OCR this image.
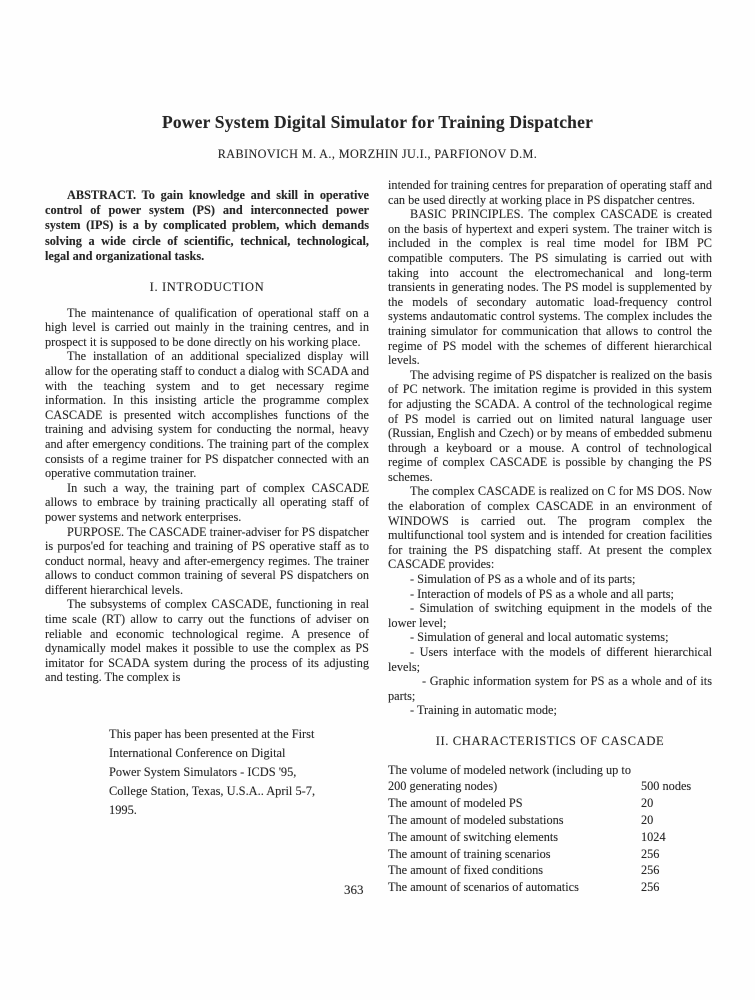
Power System Digital Simulator for Training Dispatcher
RABINOVICH M. A., MORZHIN JU.I., PARFIONOV D.M.

ABSTRACT. To gain knowledge and skill in operative control of power system (PS) and interconnected power system (IPS) is a by complicated problem, which demands solving a wide circle of scientific, technical, technological, legal and organizational tasks.

I. INTRODUCTION

The maintenance of qualification of operational staff on a high level is carried out mainly in the training centres, and in prospect it is supposed to be done directly on his working place.

The installation of an additional specialized display will allow for the operating staff to conduct a dialog with SCADA and with the teaching system and to get necessary regime information. In this insisting article the programme complex CASCADE is presented witch accomplishes functions of the training and advising system for conducting the normal, heavy and after emergency conditions. The training part of the complex consists of a regime trainer for PS dispatcher connected with an operative commutation trainer.

In such a way, the training part of complex CASCADE allows to embrace by training practically all operating staff of power systems and network enterprises.

PURPOSE. The CASCADE trainer-adviser for PS dispatcher is purpos'ed for teaching and training of PS operative staff as to conduct normal, heavy and after-emergency regimes. The trainer allows to conduct common training of several PS dispatchers on different hierarchical levels.

The subsystems of complex CASCADE, functioning in real time scale (RT) allow to carry out the functions of adviser on reliable and economic technological regime. A presence of dynamically model makes it possible to use the complex as PS imitator for SCADA system during the process of its adjusting and testing. The complex is

This paper has been presented at the First International Conference on Digital Power System Simulators - ICDS '95, College Station, Texas, U.S.A.. April 5-7, 1995.

intended for training centres for preparation of operating staff and can be used directly at working place in PS dispatcher centres.

BASIC PRINCIPLES. The complex CASCADE is created on the basis of hypertext and experi system. The trainer witch is included in the complex is real time model for IBM PC compatible computers. The PS simulating is carried out with taking into account the electromechanical and long-term transients in generating nodes. The PS model is supplemented by the models of secondary automatic load-frequency control systems andautomatic control systems. The complex includes the training simulator for communication that allows to control the regime of PS model with the schemes of different hierarchical levels.

The advising regime of PS dispatcher is realized on the basis of PC network. The imitation regime is provided in this system for adjusting the SCADA. A control of the technological regime of PS model is carried out on limited natural language user (Russian, English and Czech) or by means of embedded submenu through a keyboard or a mouse. A control of technological regime of complex CASCADE is possible by changing the PS schemes.

The complex CASCADE is realized on C for MS DOS. Now the elaboration of complex CASCADE in an environment of WINDOWS is carried out. The program complex the multifunctional tool system and is intended for creation facilities for training the PS dispatching staff. At present the complex CASCADE provides:

- Simulation of PS as a whole and of its parts;

- Interaction of models of PS as a whole and all parts;

- Simulation of switching equipment in the models of the lower level;

- Simulation of general and local automatic systems;

- Users interface with the models of different hierarchical levels;

- Graphic information system for PS as a whole and of its parts;

- Training in automatic mode;

II. CHARACTERISTICS OF CASCADE
The volume of modeled network (including up to 200 generating nodes)	500 nodes
The amount of modeled PS	20
The amount of modeled substations	20
The amount of switching elements	1024
The amount of training scenarios	256
The amount of fixed conditions	256
The amount of scenarios of automatics	256
363
